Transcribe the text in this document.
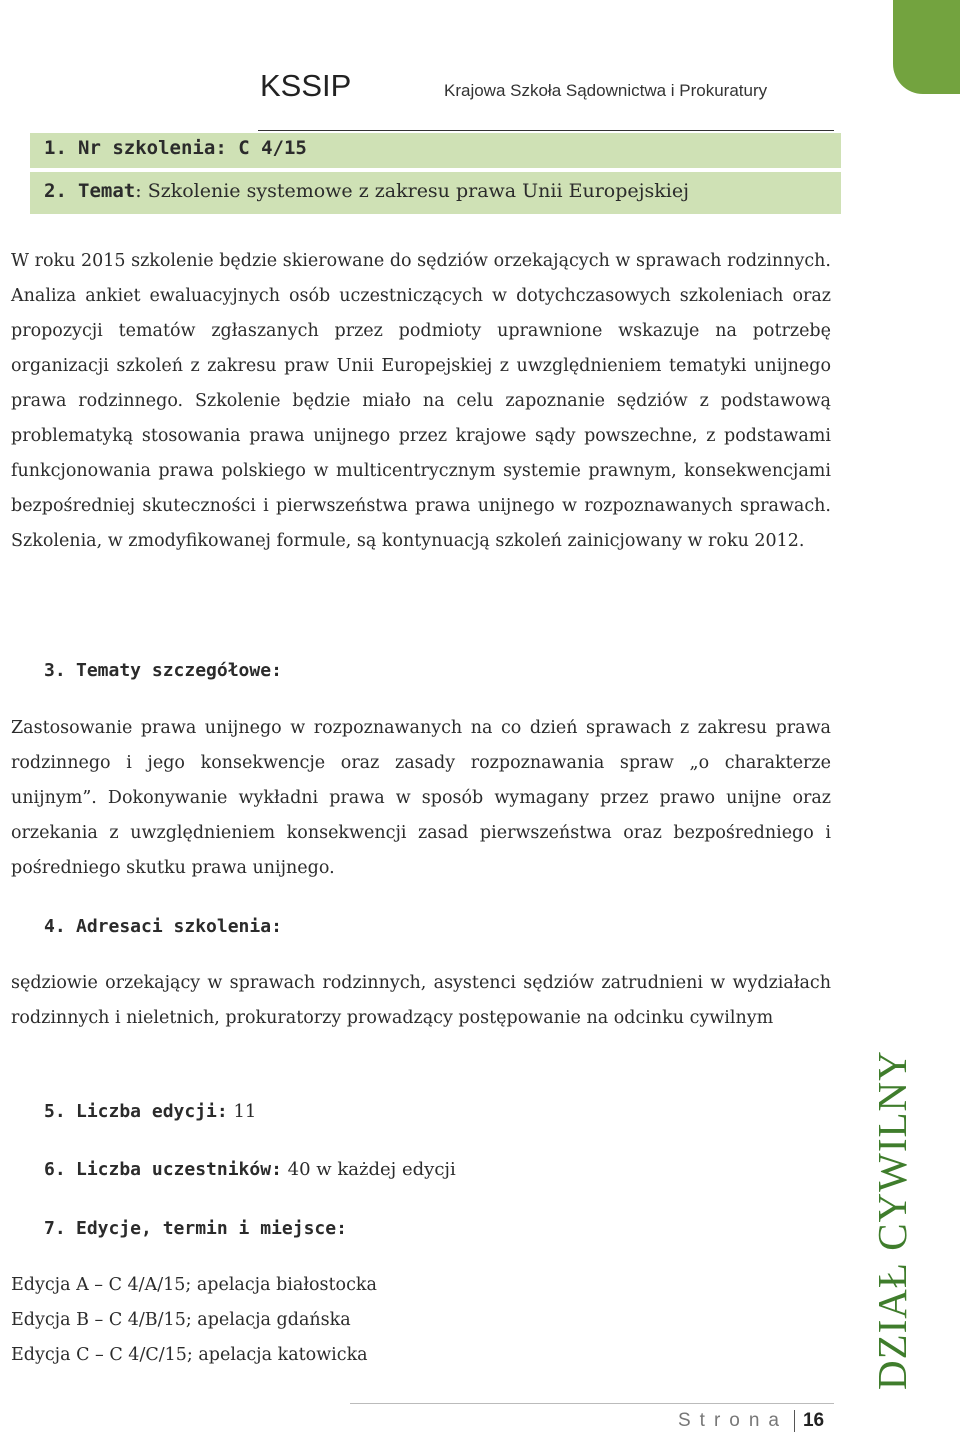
KSSIP	Krajowa Szkoła Sądownictwa i Prokuratury
1. Nr szkolenia: C 4/15
2. Temat: Szkolenie systemowe z zakresu prawa Unii Europejskiej

W roku 2015 szkolenie będzie skierowane do sędziów orzekających w sprawach rodzinnych. Analiza ankiet ewaluacyjnych osób uczestniczących w dotychczasowych szkoleniach oraz propozycji tematów zgłaszanych przez podmioty uprawnione wskazuje na potrzebę organizacji szkoleń z zakresu praw Unii Europejskiej z uwzględnieniem tematyki unijnego prawa rodzinnego. Szkolenie będzie miało na celu zapoznanie sędziów z podstawową problematyką stosowania prawa unijnego przez krajowe sądy powszechne, z podstawami funkcjonowania prawa polskiego w multicentrycznym systemie prawnym, konsekwencjami bezpośredniej skuteczności i pierwszeństwa prawa unijnego w rozpoznawanych sprawach. Szkolenia, w zmodyfikowanej formule, są kontynuacją szkoleń zainicjowany w roku 2012.

3. Tematy szczegółowe:

Zastosowanie prawa unijnego w rozpoznawanych na co dzień sprawach z zakresu prawa rodzinnego i jego konsekwencje oraz zasady rozpoznawania spraw „o charakterze unijnym”. Dokonywanie wykładni prawa w sposób wymagany przez prawo unijne oraz orzekania z uwzględnieniem konsekwencji zasad pierwszeństwa oraz bezpośredniego i pośredniego skutku prawa unijnego.

4. Adresaci szkolenia:

sędziowie orzekający w sprawach rodzinnych, asystenci sędziów zatrudnieni w wydziałach rodzinnych i nieletnich, prokuratorzy prowadzący postępowanie na odcinku cywilnym

5. Liczba edycji: 11
6. Liczba uczestników: 40 w każdej edycji
7. Edycje, termin i miejsce:
Edycja A – C 4/A/15; apelacja białostocka
Edycja B – C 4/B/15; apelacja gdańska
Edycja C – C 4/C/15; apelacja katowicka	DZIAŁ CYWILNY
Strona 16
